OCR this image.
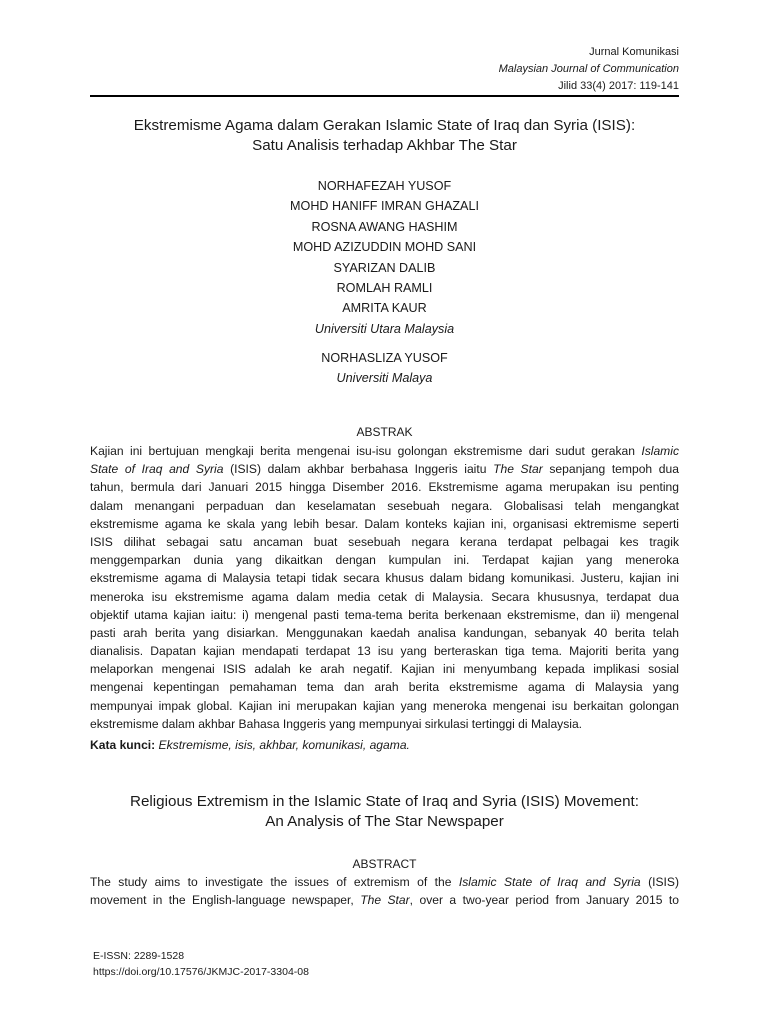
Jurnal Komunikasi
Malaysian Journal of Communication
Jilid 33(4) 2017: 119-141
Ekstremisme Agama dalam Gerakan Islamic State of Iraq dan Syria (ISIS):
Satu Analisis terhadap Akhbar The Star
NORHAFEZAH YUSOF
MOHD HANIFF IMRAN GHAZALI
ROSNA AWANG HASHIM
MOHD AZIZUDDIN MOHD SANI
SYARIZAN DALIB
ROMLAH RAMLI
AMRITA KAUR
Universiti Utara Malaysia
NORHASLIZA YUSOF
Universiti Malaya
ABSTRAK
Kajian ini bertujuan mengkaji berita mengenai isu-isu golongan ekstremisme dari sudut gerakan Islamic
State of Iraq and Syria (ISIS) dalam akhbar berbahasa Inggeris iaitu The Star sepanjang tempoh dua
tahun, bermula dari Januari 2015 hingga Disember 2016. Ekstremisme agama merupakan isu penting
dalam menangani perpaduan dan keselamatan sesebuah negara. Globalisasi telah mengangkat
ekstremisme agama ke skala yang lebih besar. Dalam konteks kajian ini, organisasi ektremisme seperti
ISIS dilihat sebagai satu ancaman buat sesebuah negara kerana terdapat pelbagai kes tragik
menggemparkan dunia yang dikaitkan dengan kumpulan ini. Terdapat kajian yang meneroka
ekstremisme agama di Malaysia tetapi tidak secara khusus dalam bidang komunikasi. Justeru, kajian ini
meneroka isu ekstremisme agama dalam media cetak di Malaysia. Secara khususnya, terdapat dua
objektif utama kajian iaitu: i) mengenal pasti tema-tema berita berkenaan ekstremisme, dan ii) mengenal
pasti arah berita yang disiarkan. Menggunakan kaedah analisa kandungan, sebanyak 40 berita telah
dianalisis. Dapatan kajian mendapati terdapat 13 isu yang berteraskan tiga tema. Majoriti berita yang
melaporkan mengenai ISIS adalah ke arah negatif. Kajian ini menyumbang kepada implikasi sosial
mengenai kepentingan pemahaman tema dan arah berita ekstremisme agama di Malaysia yang
mempunyai impak global. Kajian ini merupakan kajian yang meneroka mengenai isu berkaitan golongan
ekstremisme dalam akhbar Bahasa Inggeris yang mempunyai sirkulasi tertinggi di Malaysia.
Kata kunci: Ekstremisme, isis, akhbar, komunikasi, agama.
Religious Extremism in the Islamic State of Iraq and Syria (ISIS) Movement:
An Analysis of The Star Newspaper
ABSTRACT
The study aims to investigate the issues of extremism of the Islamic State of Iraq and Syria (ISIS)
movement in the English-language newspaper, The Star, over a two-year period from January 2015 to
E-ISSN: 2289-1528
https://doi.org/10.17576/JKMJC-2017-3304-08
